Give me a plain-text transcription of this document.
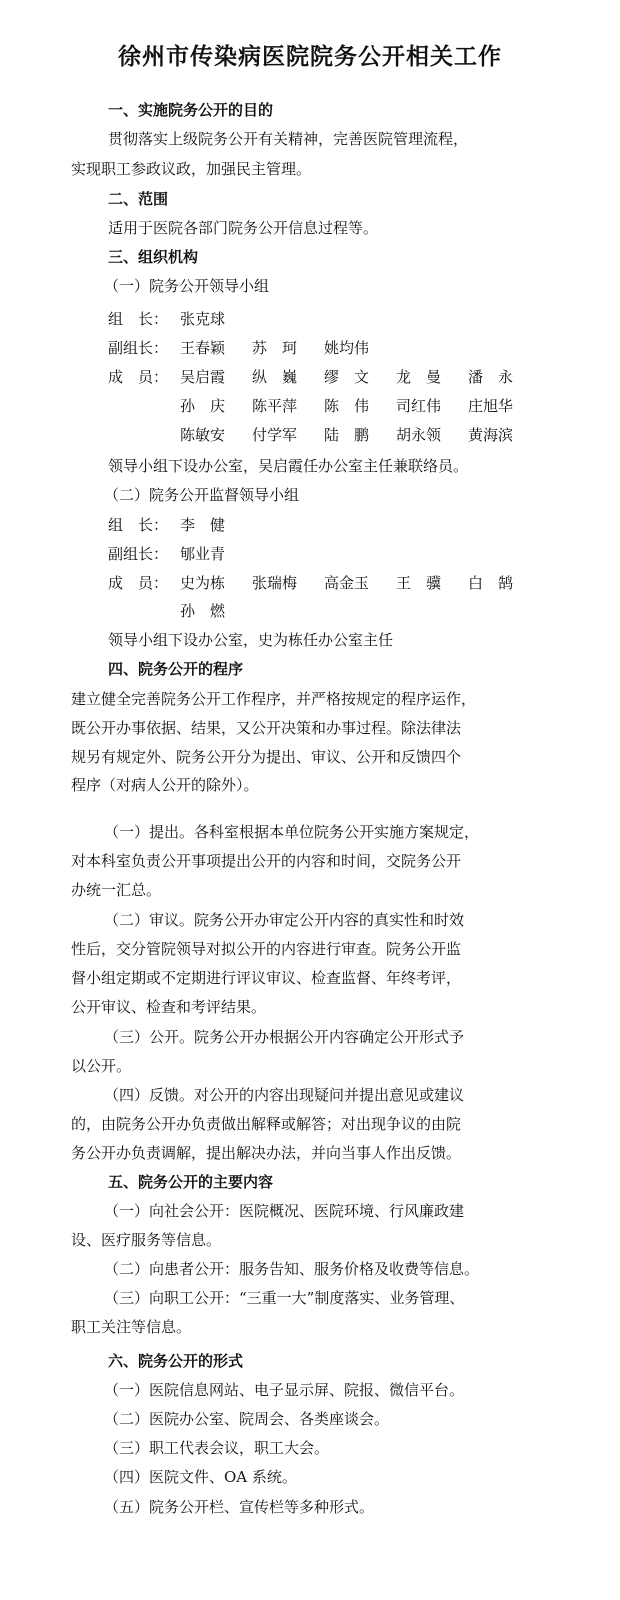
徐州市传染病医院院务公开相关工作
一、实施院务公开的目的
贯彻落实上级院务公开有关精神，完善医院管理流程，
实现职工参政议政，加强民主管理。
二、范围
适用于医院各部门院务公开信息过程等。
三、组织机构
（一）院务公开领导小组
组　长： 张克球
副组长： 王春颖 苏　珂 姚均伟
成　员： 吴启霞 纵　巍 缪　文 龙　曼 潘　永
孙　庆 陈平萍 陈　伟 司红伟 庄旭华
陈敏安 付学军 陆　鹏 胡永领 黄海滨
领导小组下设办公室，吴启霞任办公室主任兼联络员。
（二）院务公开监督领导小组
组　长： 李　健
副组长： 郇业青
成　员： 史为栋 张瑞梅 高金玉 王　骥 白　鹄
孙　燃
领导小组下设办公室，史为栋任办公室主任
四、院务公开的程序
建立健全完善院务公开工作程序，并严格按规定的程序运作，
既公开办事依据、结果，又公开决策和办事过程。除法律法
规另有规定外、院务公开分为提出、审议、公开和反馈四个
程序（对病人公开的除外）。
（一）提出。各科室根据本单位院务公开实施方案规定，
对本科室负责公开事项提出公开的内容和时间，交院务公开
办统一汇总。
（二）审议。院务公开办审定公开内容的真实性和时效
性后，交分管院领导对拟公开的内容进行审查。院务公开监
督小组定期或不定期进行评议审议、检查监督、年终考评，
公开审议、检查和考评结果。
（三）公开。院务公开办根据公开内容确定公开形式予
以公开。
（四）反馈。对公开的内容出现疑问并提出意见或建议
的，由院务公开办负责做出解释或解答；对出现争议的由院
务公开办负责调解，提出解决办法，并向当事人作出反馈。
五、院务公开的主要内容
（一）向社会公开：医院概况、医院环境、行风廉政建
设、医疗服务等信息。
（二）向患者公开：服务告知、服务价格及收费等信息。
（三）向职工公开：“三重一大”制度落实、业务管理、
职工关注等信息。
六、院务公开的形式
（一）医院信息网站、电子显示屏、院报、微信平台。
（二）医院办公室、院周会、各类座谈会。
（三）职工代表会议，职工大会。
（四）医院文件、OA 系统。
（五）院务公开栏、宣传栏等多种形式。
